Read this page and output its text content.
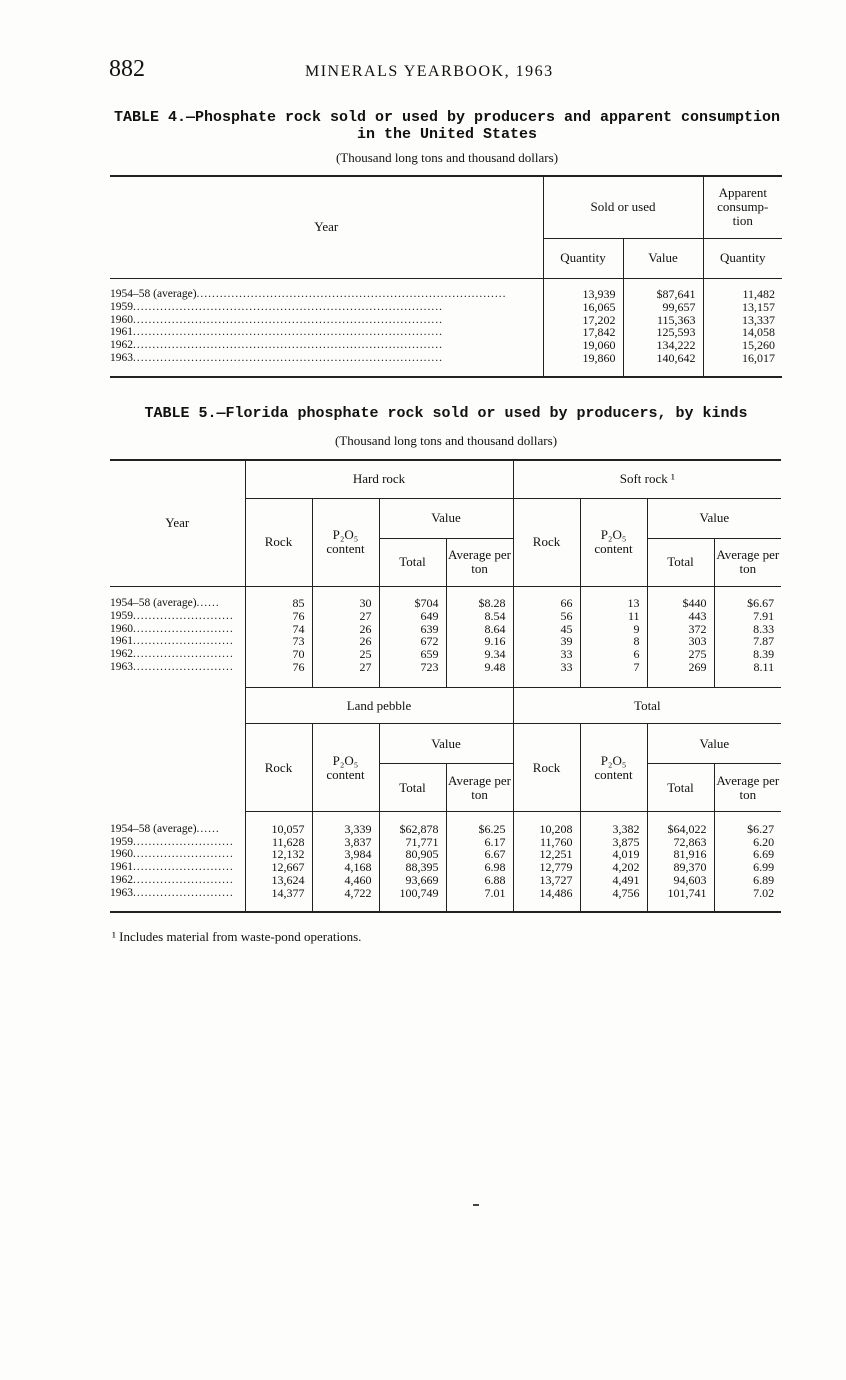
882	MINERALS YEARBOOK, 1963
TABLE 4.—Phosphate rock sold or used by producers and apparent consumption
in the United States
(Thousand long tons and thousand dollars)
Year	Sold or used		Apparent consump-tion
	Quantity	Value	Quantity

1954–58 (average)................................................................................	13,939	$87,641	11,482
1959................................................................................	16,065	99,657	13,157
1960................................................................................	17,202	115,363	13,337
1961................................................................................	17,842	125,593	14,058
1962................................................................................	19,060	134,222	15,260
1963................................................................................	19,860	140,642	16,017

TABLE 5.—Florida phosphate rock sold or used by producers, by kinds
(Thousand long tons and thousand dollars)
Year	Hard rock				Soft rock ¹			
	Rock	P₂O₅ content	Value		Rock	P₂O₅ content	Value	
			Total	Average per ton			Total	Average per ton

1954–58 (average)......	85	30	$704	$8.28	66	13	$440	$6.67
1959..........................	76	27	649	8.54	56	11	443	7.91
1960..........................	74	26	639	8.64	45	9	372	8.33
1961..........................	73	26	672	9.16	39	8	303	7.87
1962..........................	70	25	659	9.34	33	6	275	8.39
1963..........................	76	27	723	9.48	33	7	269	8.11

	Land pebble				Total			
	Rock	P₂O₅ content	Value		Rock	P₂O₅ content	Value	
			Total	Average per ton			Total	Average per ton

1954–58 (average)......	10,057	3,339	$62,878	$6.25	10,208	3,382	$64,022	$6.27
1959..........................	11,628	3,837	71,771	6.17	11,760	3,875	72,863	6.20
1960..........................	12,132	3,984	80,905	6.67	12,251	4,019	81,916	6.69
1961..........................	12,667	4,168	88,395	6.98	12,779	4,202	89,370	6.99
1962..........................	13,624	4,460	93,669	6.88	13,727	4,491	94,603	6.89
1963..........................	14,377	4,722	100,749	7.01	14,486	4,756	101,741	7.02

¹ Includes material from waste-pond operations.
